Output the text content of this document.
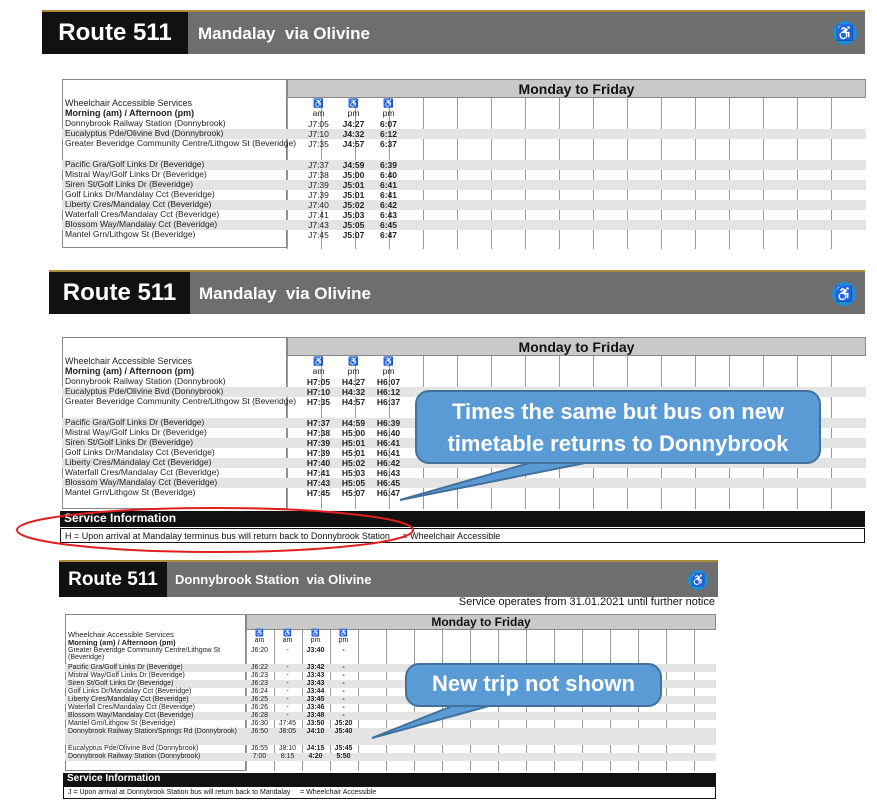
Route 511	Mandalay  via Olivine	♿
Monday to Friday
Wheelchair Accessible Services
Morning (am) / Afternoon (pm)
♿
am
♿
pm
♿
pm
Donnybrook Railway Station (Donnybrook)	J7:05	J4:27	6:07
Eucalyptus Pde/Olivine Bvd (Donnybrook)	J7:10	J4:32	6:12
Greater Beveridge Community Centre/Lithgow St (Beveridge)	J7:35	J4:57	6:37
Pacific Gra/Golf Links Dr (Beveridge)	J7:37	J4:59	6:39
Mistral Way/Golf Links Dr (Beveridge)	J7:38	J5:00	6:40
Siren St/Golf Links Dr (Beveridge)	J7:39	J5:01	6:41
Golf Links Dr/Mandalay Cct (Beveridge)	J7:39	J5:01	6:41
Liberty Cres/Mandalay Cct (Beveridge)	J7:40	J5:02	6:42
Waterfall Cres/Mandalay Cct (Beveridge)	J7:41	J5:03	6:43
Blossom Way/Mandalay Cct (Beveridge)	J7:43	J5:05	6:45
Mantel Grn/Lithgow St (Beveridge)	J7:45	J5:07	6:47
Route 511	Mandalay  via Olivine	♿
Monday to Friday
Wheelchair Accessible Services
Morning (am) / Afternoon (pm)
♿
am
♿
pm
♿
pm
Donnybrook Railway Station (Donnybrook)	H7:05	H4:27	H6:07
Eucalyptus Pde/Olivine Bvd (Donnybrook)	H7:10	H4:32	H6:12
Greater Beveridge Community Centre/Lithgow St (Beveridge)	H7:35	H4:57	H6:37
Pacific Gra/Golf Links Dr (Beveridge)	H7:37	H4:59	H6:39
Mistral Way/Golf Links Dr (Beveridge)	H7:38	H5:00	H6:40
Siren St/Golf Links Dr (Beveridge)	H7:39	H5:01	H6:41
Golf Links Dr/Mandalay Cct (Beveridge)	H7:39	H5:01	H6:41
Liberty Cres/Mandalay Cct (Beveridge)	H7:40	H5:02	H6:42
Waterfall Cres/Mandalay Cct (Beveridge)	H7:41	H5:03	H6:43
Blossom Way/Mandalay Cct (Beveridge)	H7:43	H5:05	H6:45
Mantel Grn/Lithgow St (Beveridge)	H7:45	H5:07	H6:47
Service Information
H = Upon arrival at Mandalay terminus bus will return back to Donnybrook Station     = Wheelchair Accessible
Route 511	Donnybrook Station  via Olivine	♿
Service operates from 31.01.2021 until further notice
Monday to Friday
Wheelchair Accessible Services
Morning (am) / Afternoon (pm)
♿
am
♿
am
♿
pm
♿
pm
Greater Beveridge Community Centre/Lithgow St (Beveridge)
J6:20	-	J3:40	-
Pacific Gra/Golf Links Dr (Beveridge)	J6:22	-	J3:42	-
Mistral Way/Golf Links Dr (Beveridge)	J6:23	-	J3:43	-
Siren St/Golf Links Dr (Beveridge)	J6:23	-	J3:43	-
Golf Links Dr/Mandalay Cct (Beveridge)	J6:24	-	J3:44	-
Liberty Cres/Mandalay Cct (Beveridge)	J6:25	-	J3:45	-
Waterfall Cres/Mandalay Cct (Beveridge)	J6:26	-	J3:46	-
Blossom Way/Mandalay Cct (Beveridge)	J6:28	-	J3:48	-
Mantel Grn/Lithgow St (Beveridge)	J6:30	J7:45	J3:50	J5:20
Donnybrook Railway Station/Springs Rd (Donnybrook)	J6:50	J8:05	J4:10	J5:40
Eucalyptus Pde/Olivine Bvd (Donnybrook)	J6:55	J8:10	J4:15	J5:45
Donnybrook Railway Station (Donnybrook)	7:00	8:15	4:20	5:50
Service Information
J = Upon arrival at Donnybrook Station bus will return back to Mandalay     = Wheelchair Accessible
Times the same but bus on new timetable returns to Donnybrook
New trip not shown
